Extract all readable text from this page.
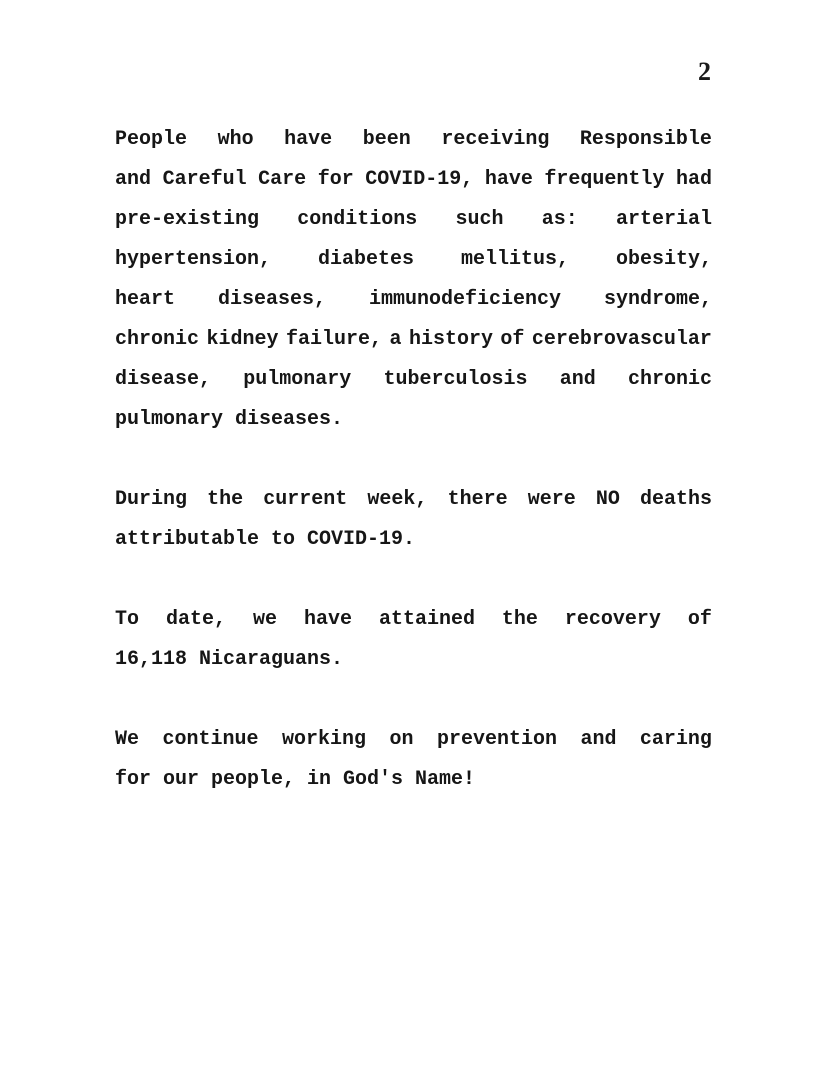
2
People who have been receiving Responsible
and Careful Care for COVID-19, have frequently had
pre-existing conditions such as: arterial
hypertension, diabetes mellitus, obesity,
heart diseases, immunodeficiency syndrome,
chronic kidney failure, a history of cerebrovascular
disease, pulmonary tuberculosis and chronic
pulmonary diseases.
During the current week, there were NO deaths
attributable to COVID-19.
To date, we have attained the recovery of
16,118 Nicaraguans.
We continue working on prevention and caring
for our people, in God's Name!
